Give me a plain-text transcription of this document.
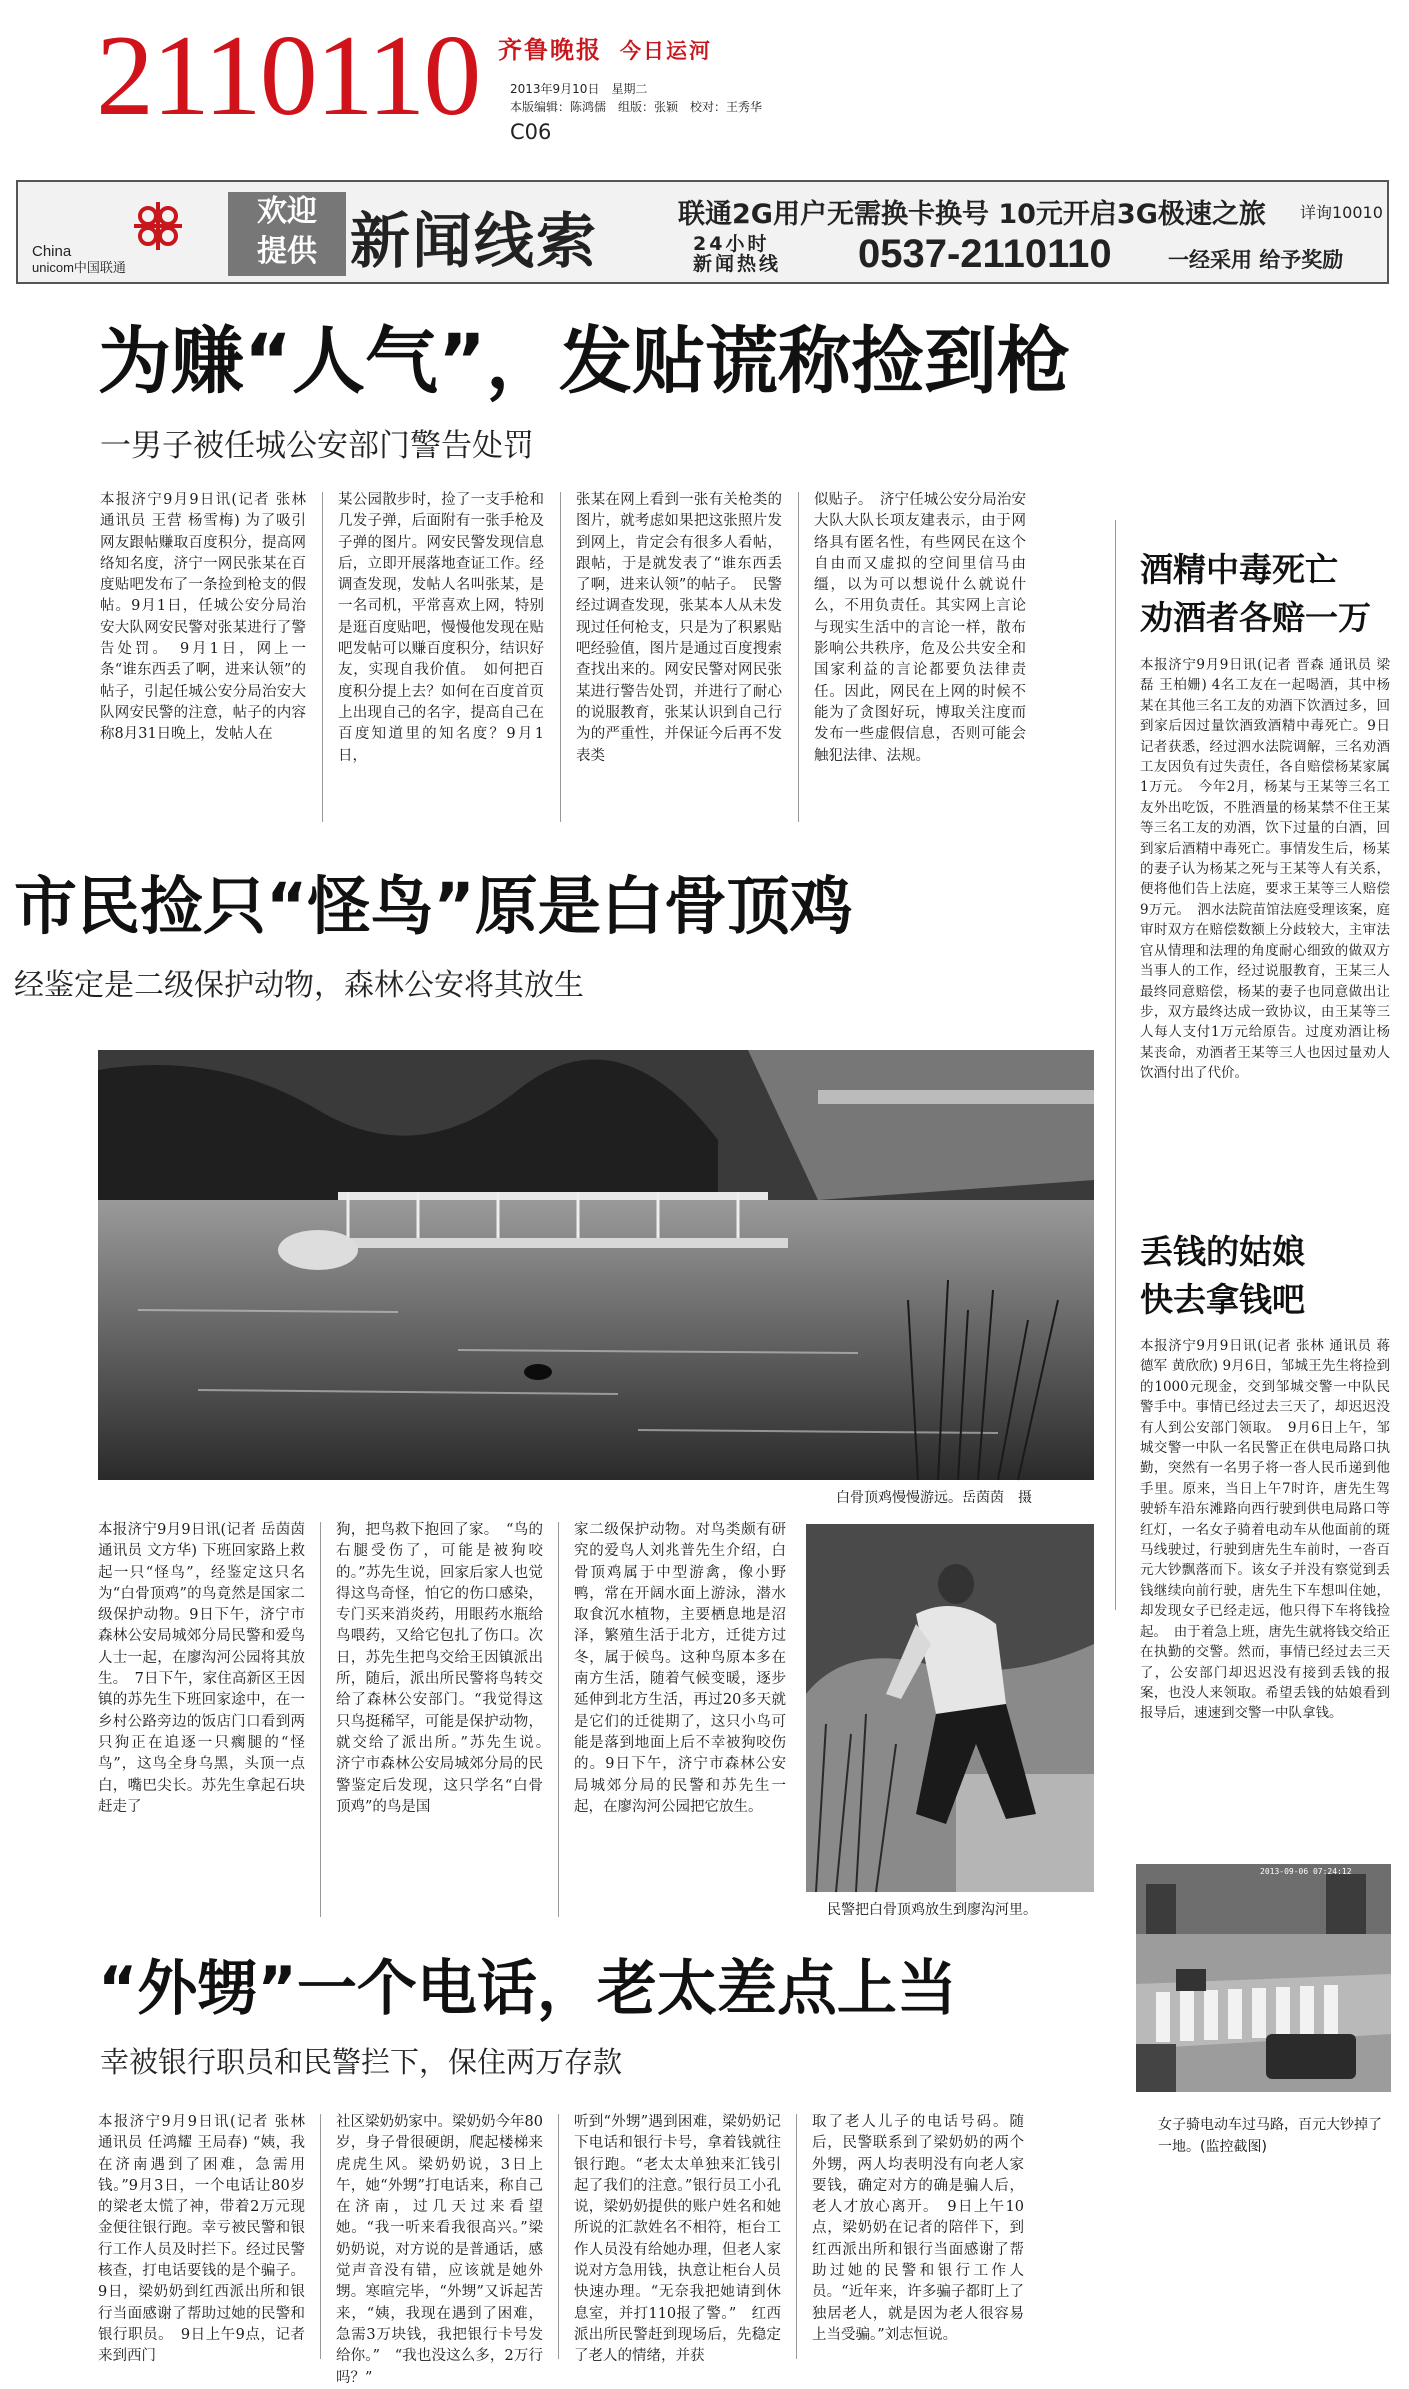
2110110 齐鲁晚报 今日运河
2013年9月10日　星期二
本版编辑：陈鸿儒　组版：张颖　校对：王秀华
C06
China
unicom中国联通
欢迎
提供 新闻线索	联通2G用户无需换卡换号 10元开启3G极速之旅 详询10010
24小时
新闻热线 0537-2110110	一经采用 给予奖励
为赚“人气”，发贴谎称捡到枪
一男子被任城公安部门警告处罚
本报济宁9月9日讯(记者 张林 通讯员 王营 杨雪梅) 为了吸引网友跟帖赚取百度积分，提高网络知名度，济宁一网民张某在百度贴吧发布了一条捡到枪支的假帖。9月1日，任城公安分局治安大队网安民警对张某进行了警告处罚。　9月1日，网上一条“谁东西丢了啊，进来认领”的帖子，引起任城公安分局治安大队网安民警的注意，帖子的内容称8月31日晚上，发帖人在
某公园散步时，捡了一支手枪和几发子弹，后面附有一张手枪及子弹的图片。网安民警发现信息后，立即开展落地查证工作。经调查发现，发帖人名叫张某，是一名司机，平常喜欢上网，特别是逛百度贴吧，慢慢他发现在贴吧发帖可以赚百度积分，结识好友，实现自我价值。　如何把百度积分提上去？如何在百度首页上出现自己的名字，提高自己在百度知道里的知名度？9月1日，
张某在网上看到一张有关枪类的图片，就考虑如果把这张照片发到网上，肯定会有很多人看帖，跟帖，于是就发表了“谁东西丢了啊，进来认领”的帖子。　民警经过调查发现，张某本人从未发现过任何枪支，只是为了积累贴吧经验值，图片是通过百度搜索查找出来的。网安民警对网民张某进行警告处罚，并进行了耐心的说服教育，张某认识到自己行为的严重性，并保证今后再不发表类
似贴子。　济宁任城公安分局治安大队大队长项友建表示，由于网络具有匿名性，有些网民在这个自由而又虚拟的空间里信马由缰，以为可以想说什么就说什么，不用负责任。其实网上言论与现实生活中的言论一样，散布影响公共秩序，危及公共安全和国家利益的言论都要负法律责任。因此，网民在上网的时候不能为了贪图好玩，博取关注度而发布一些虚假信息，否则可能会触犯法律、法规。
市民捡只“怪鸟”原是白骨顶鸡
经鉴定是二级保护动物，森林公安将其放生
白骨顶鸡慢慢游远。岳茵茵　摄
本报济宁9月9日讯(记者 岳茵茵 通讯员 文方华) 下班回家路上救起一只“怪鸟”，经鉴定这只名为“白骨顶鸡”的鸟竟然是国家二级保护动物。9日下午，济宁市森林公安局城郊分局民警和爱鸟人士一起，在廖沟河公园将其放生。　7日下午，家住高新区王因镇的苏先生下班回家途中，在一乡村公路旁边的饭店门口看到两只狗正在追逐一只瘸腿的“怪鸟”，这鸟全身乌黑，头顶一点白，嘴巴尖长。苏先生拿起石块赶走了
狗，把鸟救下抱回了家。　“鸟的右腿受伤了，可能是被狗咬的。”苏先生说，回家后家人也觉得这鸟奇怪，怕它的伤口感染，专门买来消炎药，用眼药水瓶给鸟喂药，又给它包扎了伤口。次日，苏先生把鸟交给王因镇派出所，随后，派出所民警将鸟转交给了森林公安部门。“我觉得这只鸟挺稀罕，可能是保护动物，就交给了派出所。”苏先生说。　济宁市森林公安局城郊分局的民警鉴定后发现，这只学名“白骨顶鸡”的鸟是国
家二级保护动物。对鸟类颇有研究的爱鸟人刘兆普先生介绍，白骨顶鸡属于中型游禽，像小野鸭，常在开阔水面上游泳，潜水取食沉水植物，主要栖息地是沼泽，繁殖生活于北方，迁徙方过冬，属于候鸟。这种鸟原本多在南方生活，随着气候变暖，逐步延伸到北方生活，再过20多天就是它们的迁徙期了，这只小鸟可能是落到地面上后不幸被狗咬伤的。9日下午，济宁市森林公安局城郊分局的民警和苏先生一起，在廖沟河公园把它放生。
民警把白骨顶鸡放生到廖沟河里。
“外甥”一个电话，老太差点上当
幸被银行职员和民警拦下，保住两万存款
本报济宁9月9日讯(记者 张林 通讯员 任鸿耀 王局春) “姨，我在济南遇到了困难，急需用钱。”9月3日，一个电话让80岁的梁老太慌了神，带着2万元现金便往银行跑。幸亏被民警和银行工作人员及时拦下。经过民警核查，打电话要钱的是个骗子。9日，梁奶奶到红西派出所和银行当面感谢了帮助过她的民警和银行职员。　9日上午9点，记者来到西门
社区梁奶奶家中。梁奶奶今年80岁，身子骨很硬朗，爬起楼梯来虎虎生风。梁奶奶说，3日上午，她“外甥”打电话来，称自己在济南，过几天过来看望她。“我一听来看我很高兴。”梁奶奶说，对方说的是普通话，感觉声音没有错，应该就是她外甥。寒暄完毕，“外甥”又诉起苦来，“姨，我现在遇到了困难，急需3万块钱，我把银行卡号发给你。”　“我也没这么多，2万行吗？”
听到“外甥”遇到困难，梁奶奶记下电话和银行卡号，拿着钱就往银行跑。“老太太单独来汇钱引起了我们的注意。”银行员工小孔说，梁奶奶提供的账户姓名和她所说的汇款姓名不相符，柜台工作人员没有给她办理，但老人家说对方急用钱，执意让柜台人员快速办理。“无奈我把她请到休息室，并打110报了警。”　红西派出所民警赶到现场后，先稳定了老人的情绪，并获
取了老人儿子的电话号码。随后，民警联系到了梁奶奶的两个外甥，两人均表明没有向老人家要钱，确定对方的确是骗人后，老人才放心离开。　9日上午10点，梁奶奶在记者的陪伴下，到红西派出所和银行当面感谢了帮助过她的民警和银行工作人员。“近年来，许多骗子都盯上了独居老人，就是因为老人很容易上当受骗。”刘志恒说。
酒精中毒死亡
劝酒者各赔一万
本报济宁9月9日讯(记者 晋森 通讯员 梁磊 王柏姗) 4名工友在一起喝酒，其中杨某在其他三名工友的劝酒下饮酒过多，回到家后因过量饮酒致酒精中毒死亡。9日记者获悉，经过泗水法院调解，三名劝酒工友因负有过失责任，各自赔偿杨某家属1万元。　今年2月，杨某与王某等三名工友外出吃饭，不胜酒量的杨某禁不住王某等三名工友的劝酒，饮下过量的白酒，回到家后酒精中毒死亡。事情发生后，杨某的妻子认为杨某之死与王某等人有关系，便将他们告上法庭，要求王某等三人赔偿9万元。　泗水法院苗馆法庭受理该案，庭审时双方在赔偿数额上分歧较大，主审法官从情理和法理的角度耐心细致的做双方当事人的工作，经过说服教育，王某三人最终同意赔偿，杨某的妻子也同意做出让步，双方最终达成一致协议，由王某等三人每人支付1万元给原告。过度劝酒让杨某丧命，劝酒者王某等三人也因过量劝人饮酒付出了代价。
丢钱的姑娘
快去拿钱吧
本报济宁9月9日讯(记者 张林 通讯员 蒋德军 黄欣欣) 9月6日，邹城王先生将捡到的1000元现金，交到邹城交警一中队民警手中。事情已经过去三天了，却迟迟没有人到公安部门领取。　9月6日上午，邹城交警一中队一名民警正在供电局路口执勤，突然有一名男子将一沓人民币递到他手里。原来，当日上午7时许，唐先生驾驶轿车沿东滩路向西行驶到供电局路口等红灯，一名女子骑着电动车从他面前的斑马线驶过，行驶到唐先生车前时，一沓百元大钞飘落而下。该女子并没有察觉到丢钱继续向前行驶，唐先生下车想叫住她，却发现女子已经走远，他只得下车将钱捡起。　由于着急上班，唐先生就将钱交给正在执勤的交警。然而，事情已经过去三天了，公安部门却迟迟没有接到丢钱的报案，也没人来领取。希望丢钱的姑娘看到报导后，速速到交警一中队拿钱。
2013-09-06 07:24:12
女子骑电动车过马路，百元大钞掉了一地。(监控截图)
